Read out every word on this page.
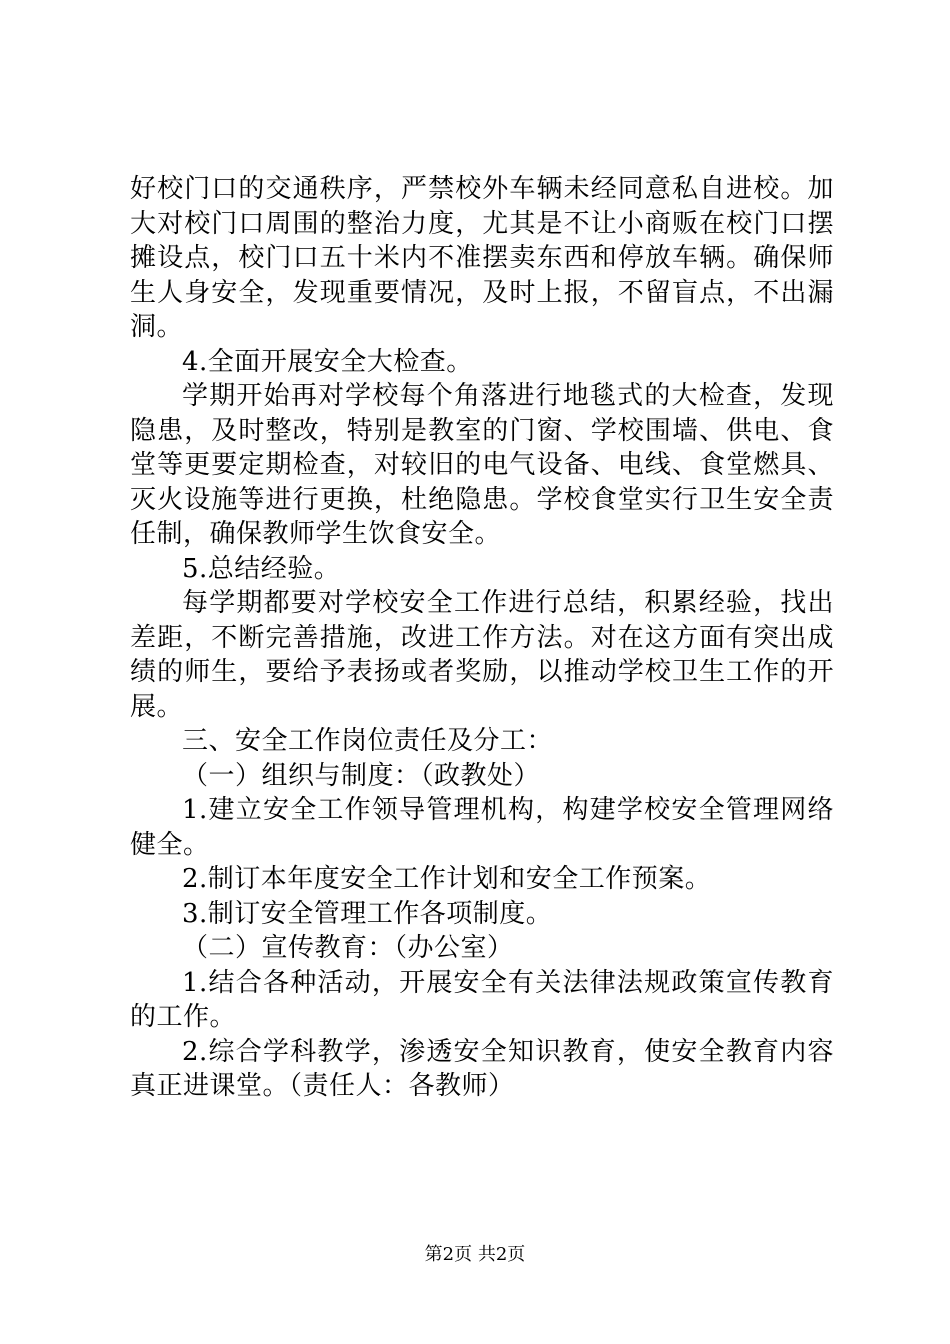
好校门口的交通秩序，严禁校外车辆未经同意私自进校。加大对校门口周围的整治力度，尤其是不让小商贩在校门口摆摊设点，校门口五十米内不准摆卖东西和停放车辆。确保师生人身安全，发现重要情况，及时上报，不留盲点，不出漏洞。

4.全面开展安全大检查。

学期开始再对学校每个角落进行地毯式的大检查，发现隐患，及时整改，特别是教室的门窗、学校围墙、供电、食堂等更要定期检查，对较旧的电气设备、电线、食堂燃具、灭火设施等进行更换，杜绝隐患。学校食堂实行卫生安全责任制，确保教师学生饮食安全。

5.总结经验。

每学期都要对学校安全工作进行总结，积累经验，找出差距，不断完善措施，改进工作方法。对在这方面有突出成绩的师生，要给予表扬或者奖励，以推动学校卫生工作的开展。

三、安全工作岗位责任及分工：

（一）组织与制度：（政教处）

1.建立安全工作领导管理机构，构建学校安全管理网络健全。

2.制订本年度安全工作计划和安全工作预案。

3.制订安全管理工作各项制度。

（二）宣传教育：（办公室）

1.结合各种活动，开展安全有关法律法规政策宣传教育的工作。

2.综合学科教学，渗透安全知识教育，使安全教育内容真正进课堂。（责任人：各教师）

第2页 共2页
